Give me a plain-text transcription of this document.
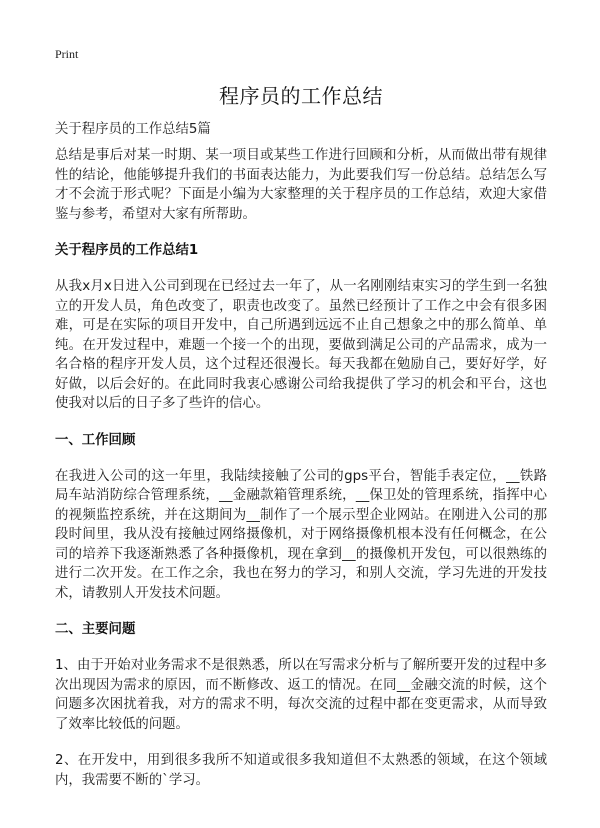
Print
程序员的工作总结
关于程序员的工作总结5篇

总结是事后对某一时期、某一项目或某些工作进行回顾和分析，从而做出带有规律性的结论，他能够提升我们的书面表达能力，为此要我们写一份总结。总结怎么写才不会流于形式呢？下面是小编为大家整理的关于程序员的工作总结，欢迎大家借鉴与参考，希望对大家有所帮助。

关于程序员的工作总结1

从我x月x日进入公司到现在已经过去一年了，从一名刚刚结束实习的学生到一名独立的开发人员，角色改变了，职责也改变了。虽然已经预计了工作之中会有很多困难，可是在实际的项目开发中，自己所遇到远远不止自己想象之中的那么简单、单纯。在开发过程中，难题一个接一个的出现，要做到满足公司的产品需求，成为一名合格的程序开发人员，这个过程还很漫长。每天我都在勉励自己，要好好学，好好做，以后会好的。在此同时我衷心感谢公司给我提供了学习的机会和平台，这也使我对以后的日子多了些许的信心。

一、工作回顾

在我进入公司的这一年里，我陆续接触了公司的gps平台，智能手表定位，__铁路局车站消防综合管理系统，__金融款箱管理系统，__保卫处的管理系统，指挥中心的视频监控系统，并在这期间为__制作了一个展示型企业网站。在刚进入公司的那段时间里，我从没有接触过网络摄像机，对于网络摄像机根本没有任何概念，在公司的培养下我逐渐熟悉了各种摄像机，现在拿到__的摄像机开发包，可以很熟练的进行二次开发。在工作之余，我也在努力的学习，和别人交流，学习先进的开发技术，请教别人开发技术问题。

二、主要问题

1、由于开始对业务需求不是很熟悉，所以在写需求分析与了解所要开发的过程中多次出现因为需求的原因，而不断修改、返工的情况。在同__金融交流的时候，这个问题多次困扰着我，对方的需求不明，每次交流的过程中都在变更需求，从而导致了效率比较低的问题。

2、在开发中，用到很多我所不知道或很多我知道但不太熟悉的领域，在这个领域内，我需要不断的`学习。
